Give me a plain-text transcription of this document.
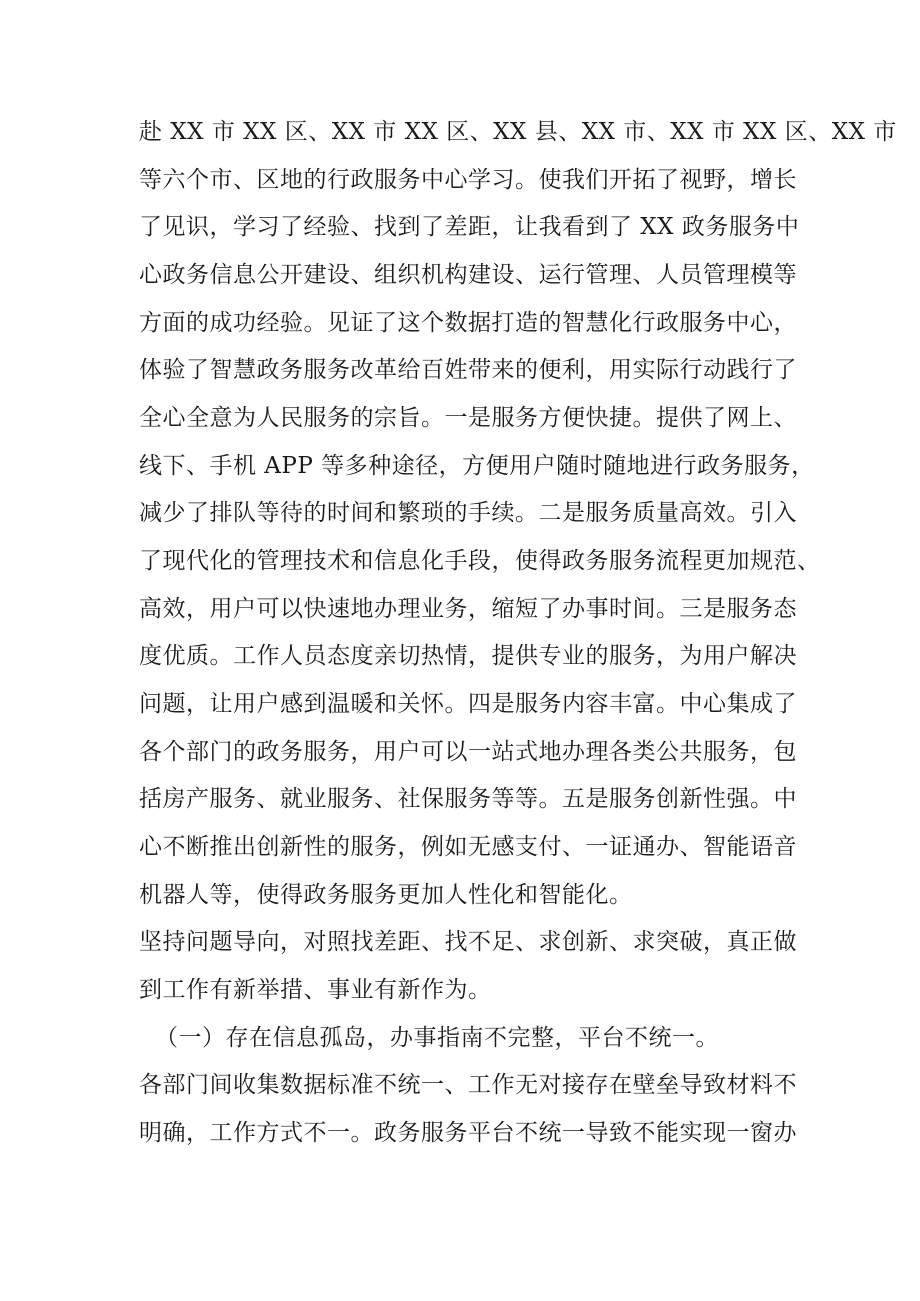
赴 XX 市 XX 区、XX 市 XX 区、XX 县、XX 市、XX 市 XX 区、XX 市
等六个市、区地的行政服务中心学习。使我们开拓了视野，增长
了见识，学习了经验、找到了差距，让我看到了 XX 政务服务中
心政务信息公开建设、组织机构建设、运行管理、人员管理模等
方面的成功经验。见证了这个数据打造的智慧化行政服务中心，
体验了智慧政务服务改革给百姓带来的便利，用实际行动践行了
全心全意为人民服务的宗旨。一是服务方便快捷。提供了网上、
线下、手机 APP 等多种途径，方便用户随时随地进行政务服务，
减少了排队等待的时间和繁琐的手续。二是服务质量高效。引入
了现代化的管理技术和信息化手段，使得政务服务流程更加规范、
高效，用户可以快速地办理业务，缩短了办事时间。三是服务态
度优质。工作人员态度亲切热情，提供专业的服务，为用户解决
问题，让用户感到温暖和关怀。四是服务内容丰富。中心集成了
各个部门的政务服务，用户可以一站式地办理各类公共服务，包
括房产服务、就业服务、社保服务等等。五是服务创新性强。中
心不断推出创新性的服务，例如无感支付、一证通办、智能语音
机器人等，使得政务服务更加人性化和智能化。
坚持问题导向，对照找差距、找不足、求创新、求突破，真正做
到工作有新举措、事业有新作为。
（一）存在信息孤岛，办事指南不完整，平台不统一。
各部门间收集数据标准不统一、工作无对接存在壁垒导致材料不
明确，工作方式不一。政务服务平台不统一导致不能实现一窗办
